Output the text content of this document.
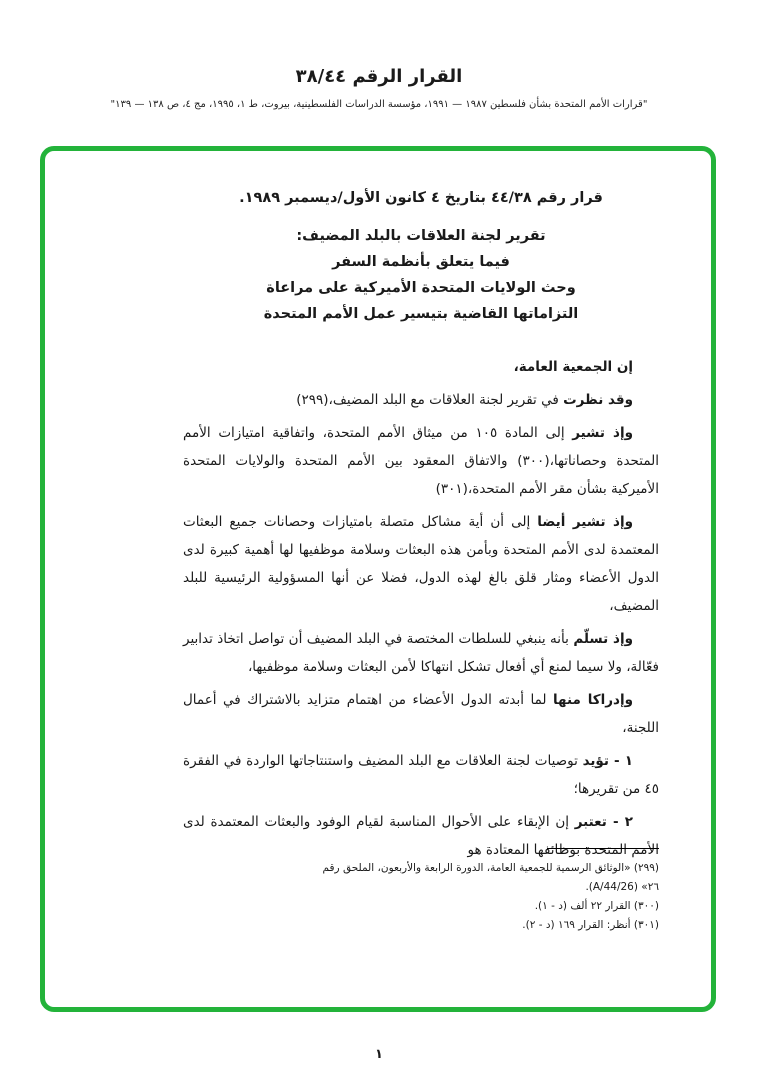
القرار الرقم ٣٨/٤٤
"قرارات الأمم المتحدة بشأن فلسطين ١٩٨٧ — ١٩٩١، مؤسسة الدراسات الفلسطينية، بيروت، ط ١، ١٩٩٥، مج ٤، ص ١٣٨ — ١٣٩"
قرار رقم ٤٤/٣٨ بتاريخ ٤ كانون الأول/ديسمبر ١٩٨٩.
تقرير لجنة العلاقات بالبلد المضيف:
فيما يتعلق بأنظمة السفر
وحث الولايات المتحدة الأميركية على مراعاة
التزاماتها القاضية بتيسير عمل الأمم المتحدة

إن الجمعية العامة،

وقد نظرت في تقرير لجنة العلاقات مع البلد المضيف،(٢٩٩)

وإذ تشير إلى المادة ١٠٥ من ميثاق الأمم المتحدة، واتفاقية امتيازات الأمم المتحدة وحصاناتها،(٣٠٠) والاتفاق المعقود بين الأمم المتحدة والولايات المتحدة الأميركية بشأن مقر الأمم المتحدة،(٣٠١)

وإذ تشير أيضا إلى أن أية مشاكل متصلة بامتيازات وحصانات جميع البعثات المعتمدة لدى الأمم المتحدة وبأمن هذه البعثات وسلامة موظفيها لها أهمية كبيرة لدى الدول الأعضاء ومثار قلق بالغ لهذه الدول، فضلا عن أنها المسؤولية الرئيسية للبلد المضيف،

وإذ تسلّم بأنه ينبغي للسلطات المختصة في البلد المضيف أن تواصل اتخاذ تدابير فعّالة، ولا سيما لمنع أي أفعال تشكل انتهاكا لأمن البعثات وسلامة موظفيها،

وإدراكا منها لما أبدته الدول الأعضاء من اهتمام متزايد بالاشتراك في أعمال اللجنة،

١ - تؤيد توصيات لجنة العلاقات مع البلد المضيف واستنتاجاتها الواردة في الفقرة ٤٥ من تقريرها؛

٢ - تعتبر إن الإبقاء على الأحوال المناسبة لقيام الوفود والبعثات المعتمدة لدى الأمم المتحدة بوظائفها المعتادة هو

(٢٩٩) «الوثائق الرسمية للجمعية العامة، الدورة الرابعة والأربعون، الملحق رقم ٢٦» (A/44/26).

(٣٠٠) القرار ٢٢ ألف (د - ١).

(٣٠١) أنظر: القرار ١٦٩ (د - ٢).

١
